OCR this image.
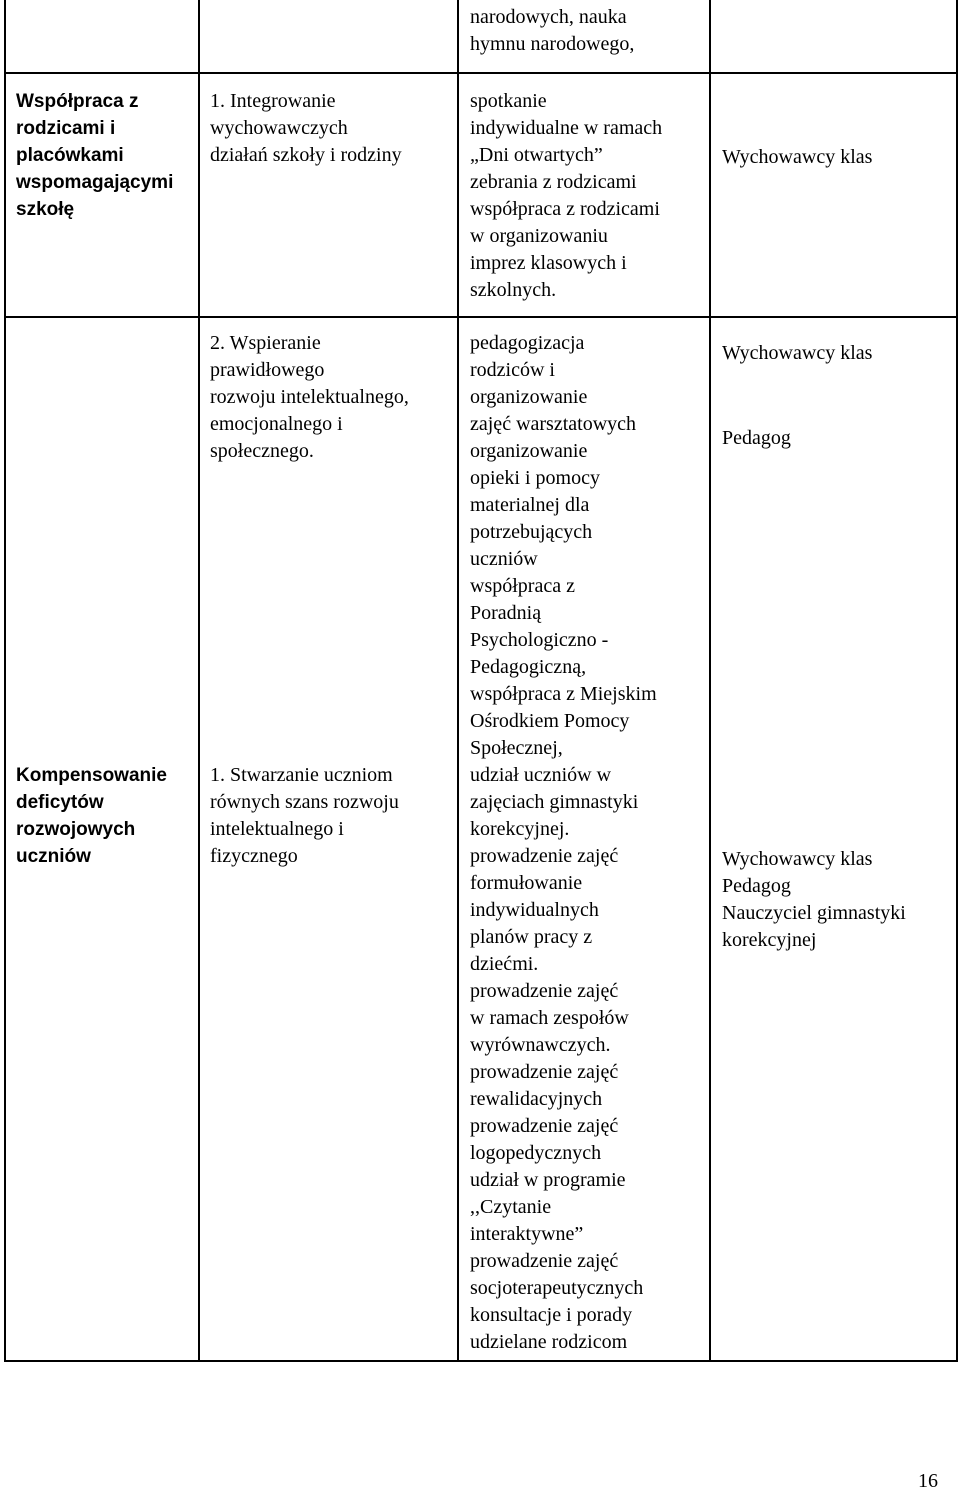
narodowych, nauka
hymnu narodowego,
Współpraca z
rodzicami i
placówkami
wspomagającymi
szkołę
1. Integrowanie
wychowawczych
działań szkoły i rodziny
spotkanie
indywidualne w ramach
„Dni otwartych”
zebrania z rodzicami
współpraca z rodzicami
w organizowaniu
imprez klasowych i
szkolnych.
Wychowawcy klas
Kompensowanie
deficytów
rozwojowych
uczniów
2. Wspieranie
prawidłowego
rozwoju intelektualnego,
emocjonalnego i
społecznego.
1. Stwarzanie uczniom
równych szans rozwoju
intelektualnego i
fizycznego
pedagogizacja
rodziców i
organizowanie
zajęć warsztatowych
organizowanie
opieki i pomocy
materialnej dla
potrzebujących
uczniów
współpraca z
Poradnią
Psychologiczno -
Pedagogiczną,
współpraca z Miejskim
Ośrodkiem Pomocy
Społecznej,
udział uczniów w
zajęciach gimnastyki
korekcyjnej.
prowadzenie zajęć
formułowanie
indywidualnych
planów pracy z
dziećmi.
prowadzenie zajęć
w ramach zespołów
wyrównawczych.
prowadzenie zajęć
rewalidacyjnych
prowadzenie zajęć
logopedycznych
udział w programie
,,Czytanie
interaktywne”
prowadzenie zajęć
socjoterapeutycznych
konsultacje i porady
udzielane rodzicom
Wychowawcy klas
Pedagog
Wychowawcy klas
Pedagog
Nauczyciel gimnastyki
korekcyjnej
16
